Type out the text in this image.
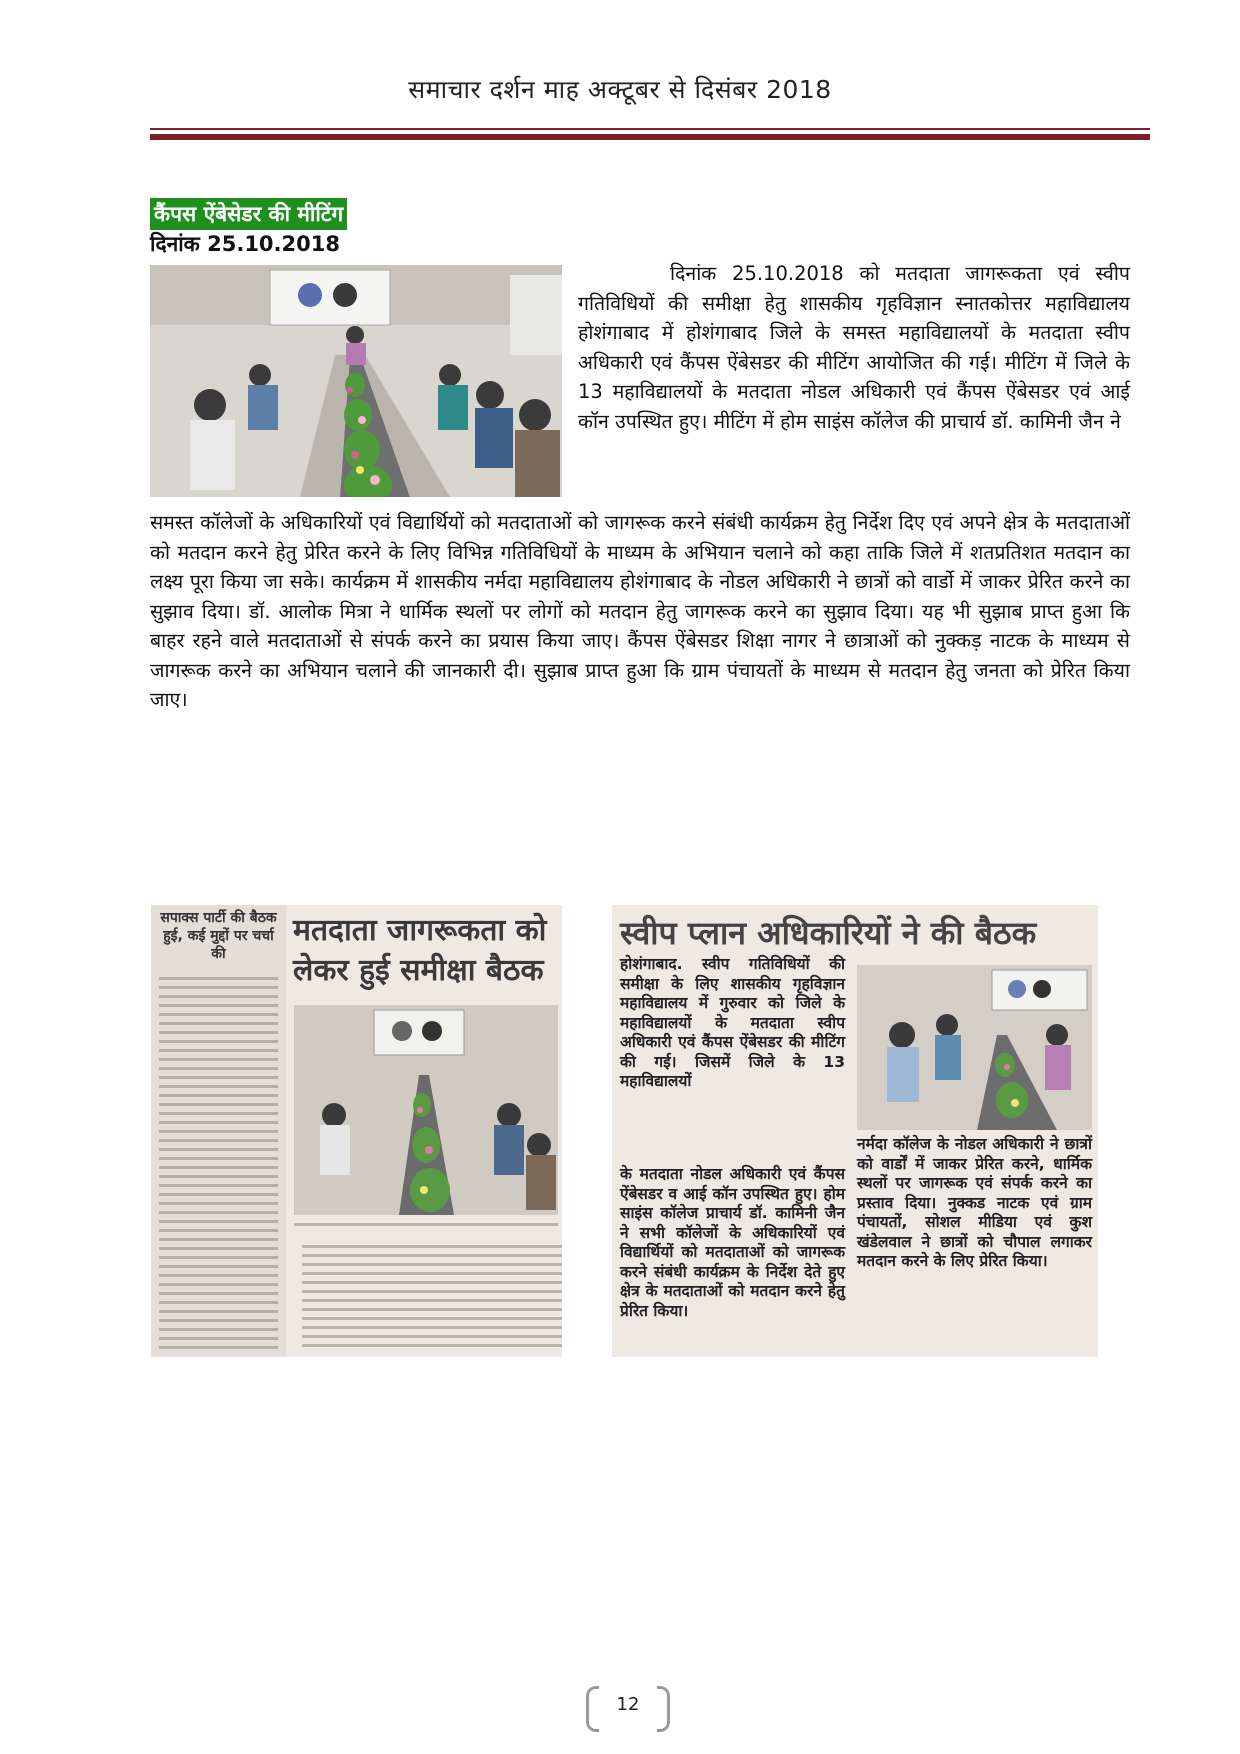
समाचार दर्शन माह अक्टूबर से दिसंबर 2018
कैंपस ऐंबेसेडर की मीटिंग
दिनांक 25.10.2018
दिनांक 25.10.2018 को मतदाता जागरूकता एवं स्वीप गतिविधियों की समीक्षा हेतु शासकीय गृहविज्ञान स्नातकोत्तर महाविद्यालय होशंगाबाद में होशंगाबाद जिले के समस्त महाविद्यालयों के मतदाता स्वीप अधिकारी एवं कैंपस ऐंबेसडर की मीटिंग आयोजित की गई। मीटिंग में जिले के 13 महाविद्यालयों के मतदाता नोडल अधिकारी एवं कैंपस ऐंबेसडर एवं आई कॉन उपस्थित हुए। मीटिंग में होम साइंस कॉलेज की प्राचार्य डॉ. कामिनी जैन ने
समस्त कॉलेजों के अधिकारियों एवं विद्यार्थियों को मतदाताओं को जागरूक करने संबंधी कार्यक्रम हेतु निर्देश दिए एवं अपने क्षेत्र के मतदाताओं को मतदान करने हेतु प्रेरित करने के लिए विभिन्न गतिविधियों के माध्यम के अभियान चलाने को कहा ताकि जिले में शतप्रतिशत मतदान का लक्ष्य पूरा किया जा सके। कार्यक्रम में शासकीय नर्मदा महाविद्यालय होशंगाबाद के नोडल अधिकारी ने छात्रों को वार्डो में जाकर प्रेरित करने का सुझाव दिया। डॉ. आलोक मित्रा ने धार्मिक स्थलों पर लोगों को मतदान हेतु जागरूक करने का सुझाव दिया। यह भी सुझाब प्राप्त हुआ कि बाहर रहने वाले मतदाताओं से संपर्क करने का प्रयास किया जाए। कैंपस ऐंबेसडर शिक्षा नागर ने छात्राओं को नुक्कड़ नाटक के माध्यम से जागरूक करने का अभियान चलाने की जानकारी दी। सुझाब प्राप्त हुआ कि ग्राम पंचायतों के माध्यम से मतदान हेतु जनता को प्रेरित किया जाए।
सपाक्स पार्टी की बैठक हुई, कई मुद्दों पर चर्चा की
मतदाता जागरूकता को लेकर हुई समीक्षा बैठक
स्वीप प्लान अधिकारियों ने की बैठक
होशंगाबाद. स्वीप गतिविधियों की समीक्षा के लिए शासकीय गृहविज्ञान महाविद्यालय में गुरुवार को जिले के महाविद्यालयों के मतदाता स्वीप अधिकारी एवं कैंपस ऐंबेसडर की मीटिंग की गई। जिसमें जिले के 13 महाविद्यालयों
के मतदाता नोडल अधिकारी एवं कैंपस ऐंबेसडर व आई कॉन उपस्थित हुए। होम साइंस कॉलेज प्राचार्य डॉ. कामिनी जैन ने सभी कॉलेजों के अधिकारियों एवं विद्यार्थियों को मतदाताओं को जागरूक करने संबंधी कार्यक्रम के निर्देश देते हुए क्षेत्र के मतदाताओं को मतदान करने हेतु प्रेरित किया।
नर्मदा कॉलेज के नोडल अधिकारी ने छात्रों को वार्डों में जाकर प्रेरित करने, धार्मिक स्थलों पर जागरूक एवं संपर्क करने का प्रस्ताव दिया। नुक्कड नाटक एवं ग्राम पंचायतों, सोशल मीडिया एवं कुश खंडेलवाल ने छात्रों को चौपाल लगाकर मतदान करने के लिए प्रेरित किया।
12
